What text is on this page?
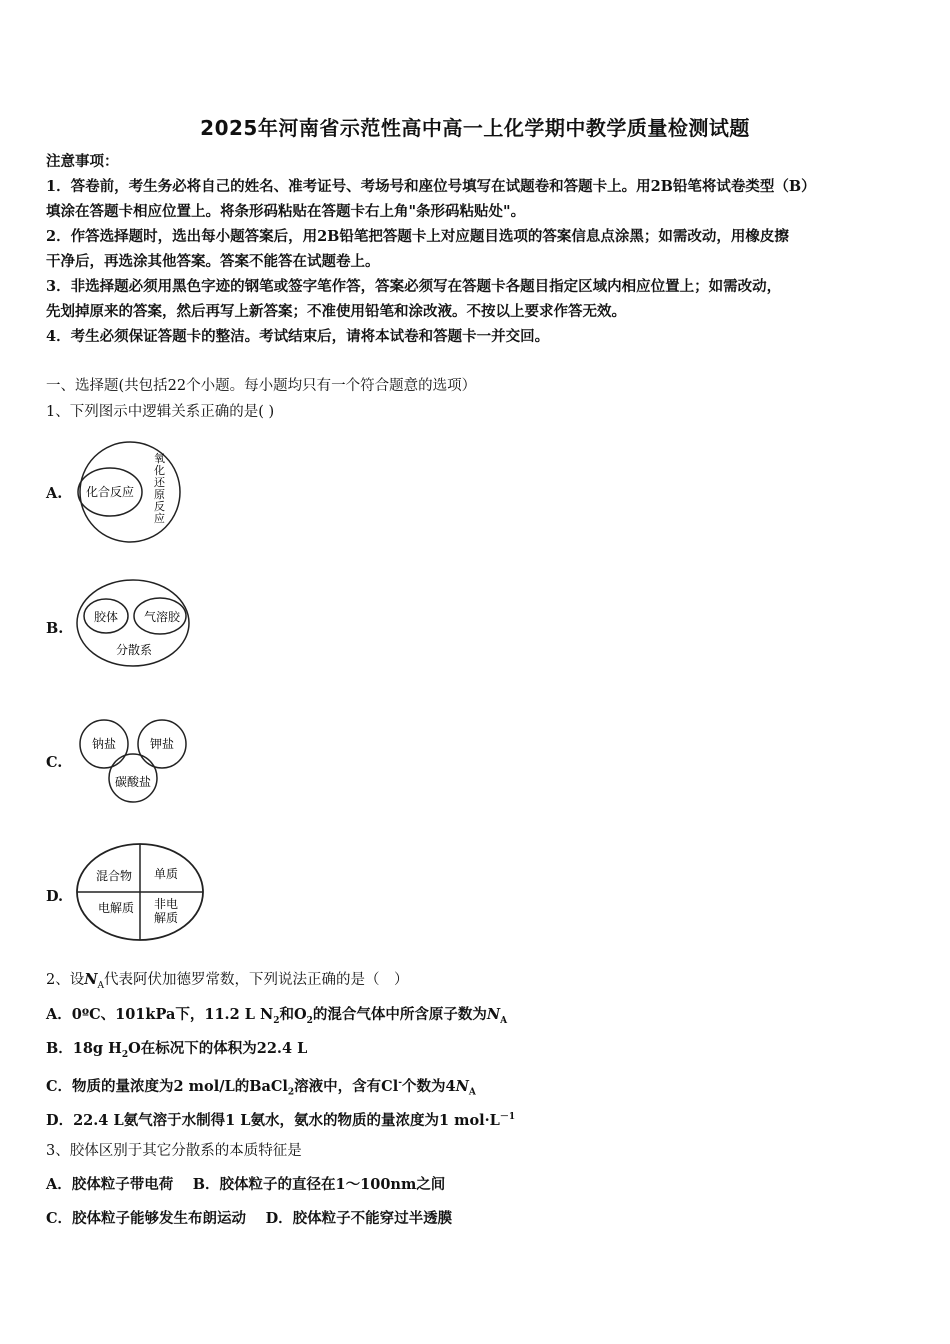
2025年河南省示范性高中高一上化学期中教学质量检测试题
注意事项：
1．答卷前，考生务必将自己的姓名、准考证号、考场号和座位号填写在试题卷和答题卡上。用2B铅笔将试卷类型（B）
填涂在答题卡相应位置上。将条形码粘贴在答题卡右上角"条形码粘贴处"。
2．作答选择题时，选出每小题答案后，用2B铅笔把答题卡上对应题目选项的答案信息点涂黑；如需改动，用橡皮擦
干净后，再选涂其他答案。答案不能答在试题卷上。
3．非选择题必须用黑色字迹的钢笔或签字笔作答，答案必须写在答题卡各题目指定区域内相应位置上；如需改动，
先划掉原来的答案，然后再写上新答案；不准使用铅笔和涂改液。不按以上要求作答无效。
4．考生必须保证答题卡的整洁。考试结束后，请将本试卷和答题卡一并交回。
一、选择题(共包括22个小题。每小题均只有一个符合题意的选项）
1、下列图示中逻辑关系正确的是( )
A. 化合反应
氧化还原反应
B.
胶体 气溶胶
分散系
C.
钠盐	钾盐
碳酸盐
D.
混合物 单质
电解质 非电
解质
2、设$N_A$代表阿伏加德罗常数，下列说法正确的是（　）
A．0ºC、101kPa下，11.2 L $N_2$和$O_2$的混合气体中所含原子数为$N_A$
B．18g $H_2O$在标况下的体积为22.4 L
C．物质的量浓度为2 mol/L的BaCl$_2$溶液中，含有Cl-个数为$4N_A$
D．22.4 L氨气溶于水制得1 L氨水，氨水的物质的量浓度为1 $mol\cdot L^{-1}$
3、胶体区别于其它分散系的本质特征是
A．胶体粒子带电荷　 B．胶体粒子的直径在1～100nm之间
C．胶体粒子能够发生布朗运动　 D．胶体粒子不能穿过半透膜
